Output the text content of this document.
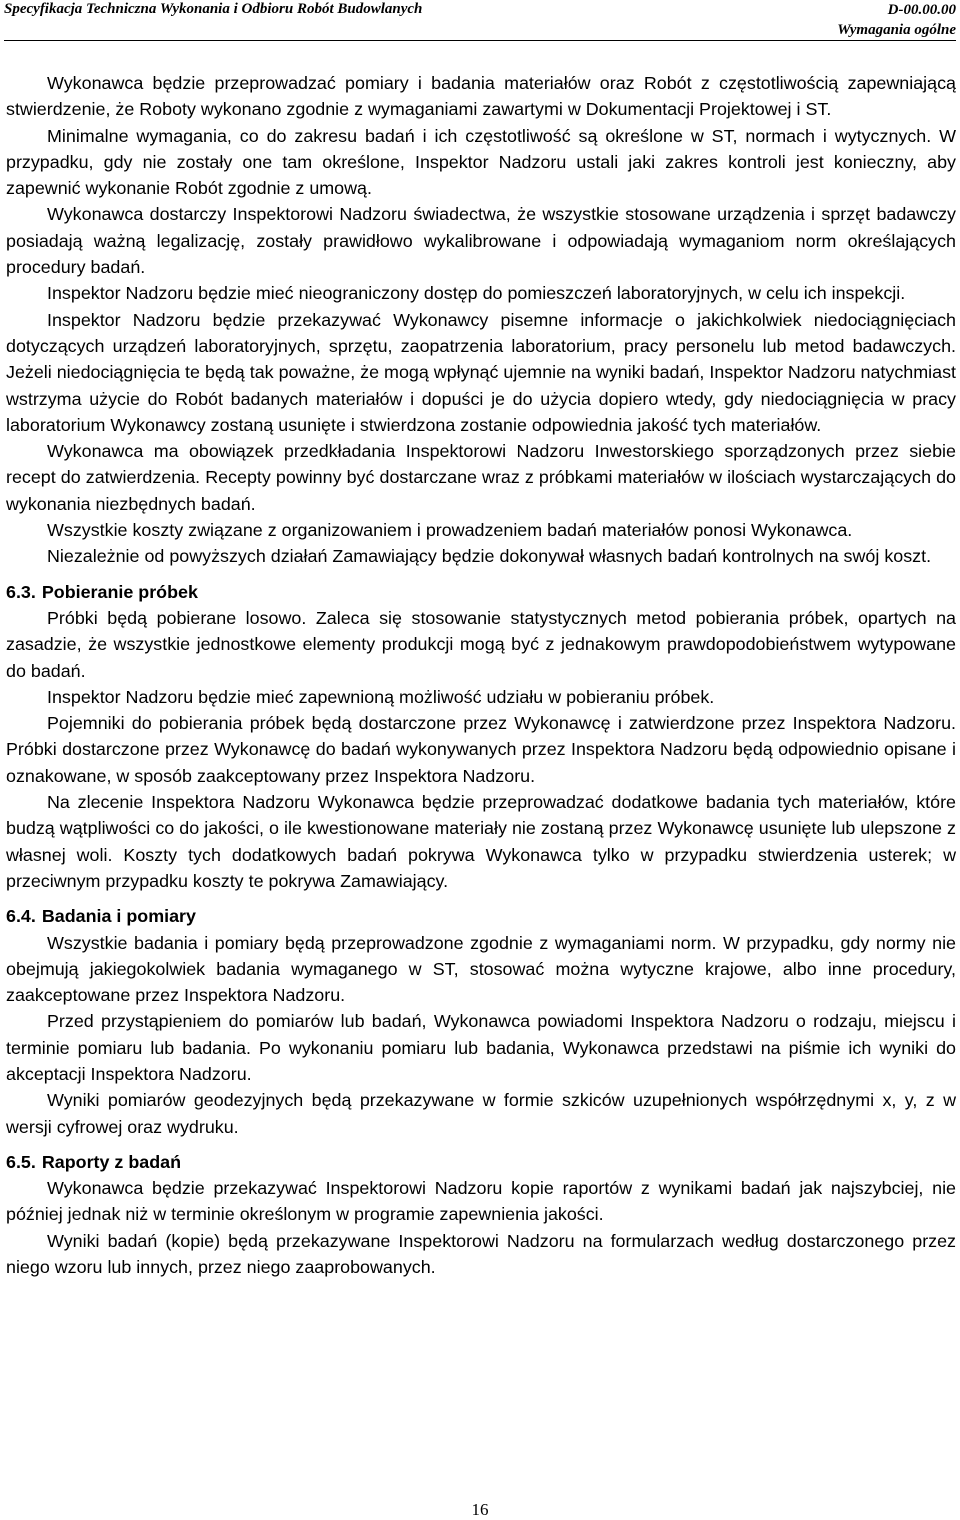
Specyfikacja Techniczna Wykonania i Odbioru Robót Budowlanych	D-00.00.00
Wymagania ogólne

Wykonawca będzie przeprowadzać pomiary i badania materiałów oraz Robót z częstotliwością zapewniającą stwierdzenie, że Roboty wykonano zgodnie z wymaganiami zawartymi w Dokumentacji Projektowej i ST.

Minimalne wymagania, co do zakresu badań i ich częstotliwość są określone w ST, normach i wytycznych. W przypadku, gdy nie zostały one tam określone, Inspektor Nadzoru ustali jaki zakres kontroli jest konieczny, aby zapewnić wykonanie Robót zgodnie z umową.

Wykonawca dostarczy Inspektorowi Nadzoru świadectwa, że wszystkie stosowane urządzenia i sprzęt badawczy posiadają ważną legalizację, zostały prawidłowo wykalibrowane i odpowiadają wymaganiom norm określających procedury badań.

Inspektor Nadzoru będzie mieć nieograniczony dostęp do pomieszczeń laboratoryjnych, w celu ich inspekcji.

Inspektor Nadzoru będzie przekazywać Wykonawcy pisemne informacje o jakichkolwiek niedociągnięciach dotyczących urządzeń laboratoryjnych, sprzętu, zaopatrzenia laboratorium, pracy personelu lub metod badawczych. Jeżeli niedociągnięcia te będą tak poważne, że mogą wpłynąć ujemnie na wyniki badań, Inspektor Nadzoru natychmiast wstrzyma użycie do Robót badanych materiałów i dopuści je do użycia dopiero wtedy, gdy niedociągnięcia w pracy laboratorium Wykonawcy zostaną usunięte i stwierdzona zostanie odpowiednia jakość tych materiałów.

Wykonawca ma obowiązek przedkładania Inspektorowi Nadzoru Inwestorskiego sporządzonych przez siebie recept do zatwierdzenia. Recepty powinny być dostarczane wraz z próbkami materiałów w ilościach wystarczających do wykonania niezbędnych badań.

Wszystkie koszty związane z organizowaniem i prowadzeniem badań materiałów ponosi Wykonawca.

Niezależnie od powyższych działań Zamawiający będzie dokonywał własnych badań kontrolnych na swój koszt.

6.3. Pobieranie próbek

Próbki będą pobierane losowo. Zaleca się stosowanie statystycznych metod pobierania próbek, opartych na zasadzie, że wszystkie jednostkowe elementy produkcji mogą być z jednakowym prawdopodobieństwem wytypowane do badań.

Inspektor Nadzoru będzie mieć zapewnioną możliwość udziału w pobieraniu próbek.

Pojemniki do pobierania próbek będą dostarczone przez Wykonawcę i zatwierdzone przez Inspektora Nadzoru. Próbki dostarczone przez Wykonawcę do badań wykonywanych przez Inspektora Nadzoru będą odpowiednio opisane i oznakowane, w sposób zaakceptowany przez Inspektora Nadzoru.

Na zlecenie Inspektora Nadzoru Wykonawca będzie przeprowadzać dodatkowe badania tych materiałów, które budzą wątpliwości co do jakości, o ile kwestionowane materiały nie zostaną przez Wykonawcę usunięte lub ulepszone z własnej woli. Koszty tych dodatkowych badań pokrywa Wykonawca tylko w przypadku stwierdzenia usterek; w przeciwnym przypadku koszty te pokrywa Zamawiający.

6.4. Badania i pomiary

Wszystkie badania i pomiary będą przeprowadzone zgodnie z wymaganiami norm. W przypadku, gdy normy nie obejmują jakiegokolwiek badania wymaganego w ST, stosować można wytyczne krajowe, albo inne procedury, zaakceptowane przez Inspektora Nadzoru.

Przed przystąpieniem do pomiarów lub badań, Wykonawca powiadomi Inspektora Nadzoru o rodzaju, miejscu i terminie pomiaru lub badania. Po wykonaniu pomiaru lub badania, Wykonawca przedstawi na piśmie ich wyniki do akceptacji Inspektora Nadzoru.

Wyniki pomiarów geodezyjnych będą przekazywane w formie szkiców uzupełnionych współrzędnymi x, y, z w wersji cyfrowej oraz wydruku.

6.5. Raporty z badań

Wykonawca będzie przekazywać Inspektorowi Nadzoru kopie raportów z wynikami badań jak najszybciej, nie później jednak niż w terminie określonym w programie zapewnienia jakości.

Wyniki badań (kopie) będą przekazywane Inspektorowi Nadzoru na formularzach według dostarczonego przez niego wzoru lub innych, przez niego zaaprobowanych.

16
